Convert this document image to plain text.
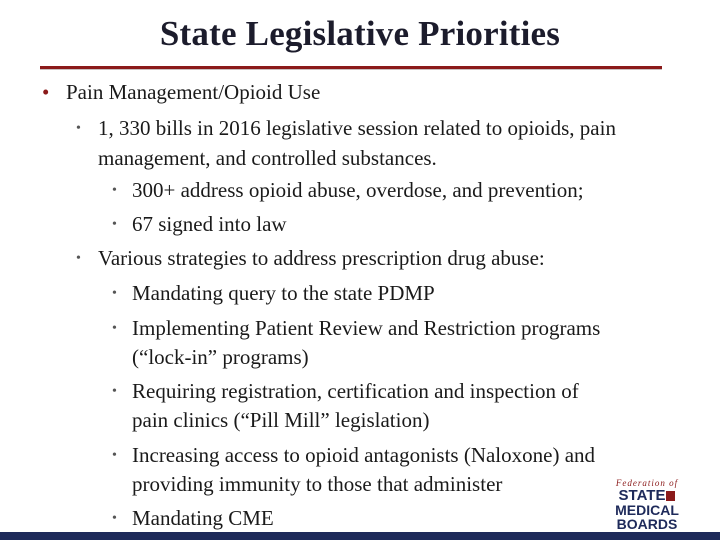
State Legislative Priorities
• Pain Management/Opioid Use
• 1, 330 bills in 2016 legislative session related to opioids, pain
management, and controlled substances.
• 300+ address opioid abuse, overdose, and prevention;
• 67 signed into law
• Various strategies to address prescription drug abuse:
• Mandating query to the state PDMP
• Implementing Patient Review and Restriction programs
(“lock-in” programs)
• Requiring registration, certification and inspection of
pain clinics (“Pill Mill” legislation)
• Increasing access to opioid antagonists (Naloxone) and
providing immunity to those that administer
• Mandating CME
Federation of
STATE
MEDICAL
BOARDS
